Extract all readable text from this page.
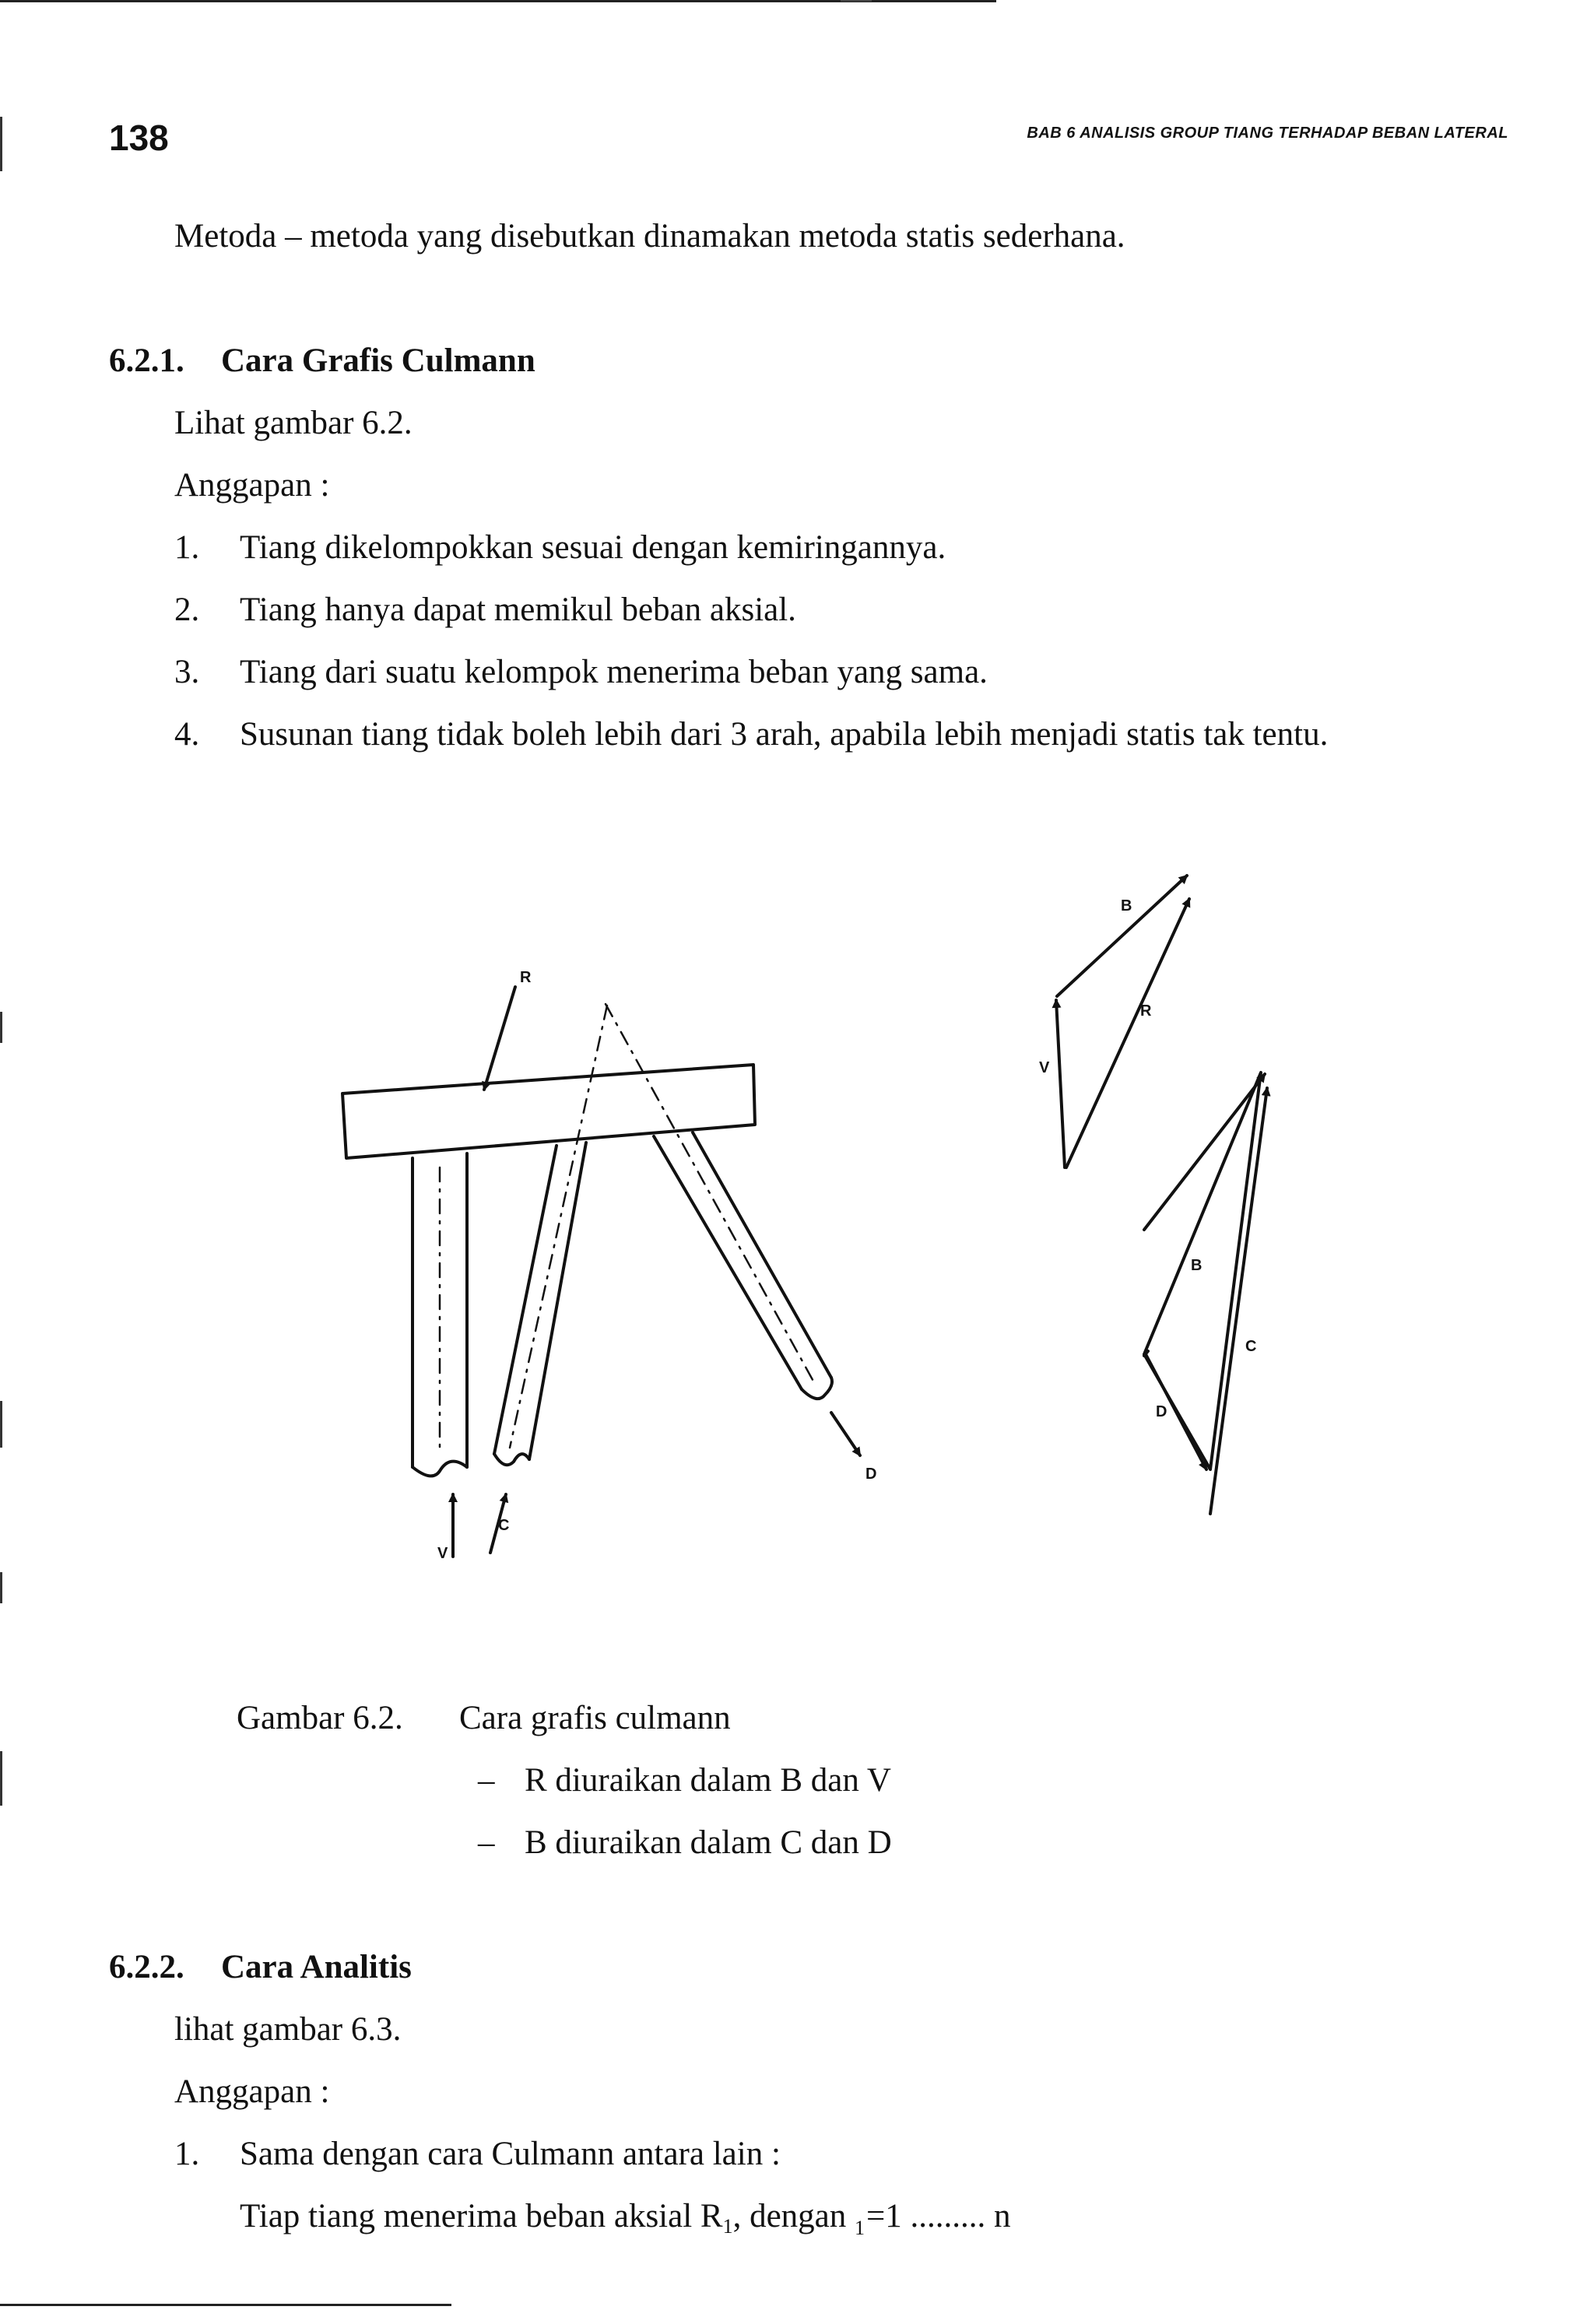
138	BAB 6 ANALISIS GROUP TIANG TERHADAP BEBAN LATERAL
Metoda – metoda yang disebutkan dinamakan metoda statis sederhana.
6.2.1. Cara Grafis Culmann
Lihat gambar 6.2.
Anggapan :
1. Tiang dikelompokkan sesuai dengan kemiringannya.
2. Tiang hanya dapat memikul beban aksial.
3. Tiang dari suatu kelompok menerima beban yang sama.
4. Susunan tiang tidak boleh lebih dari 3 arah, apabila lebih menjadi statis tak tentu.
R
V
C
D
B
R
V
B
C
D
Gambar 6.2. Cara grafis culmann
– R diuraikan dalam B dan V
– B diuraikan dalam C dan D
6.2.2. Cara Analitis
lihat gambar 6.3.
Anggapan :
1. Sama dengan cara Culmann antara lain :
Tiap tiang menerima beban aksial $R_1$, dengan $_1$=1 ......... n
